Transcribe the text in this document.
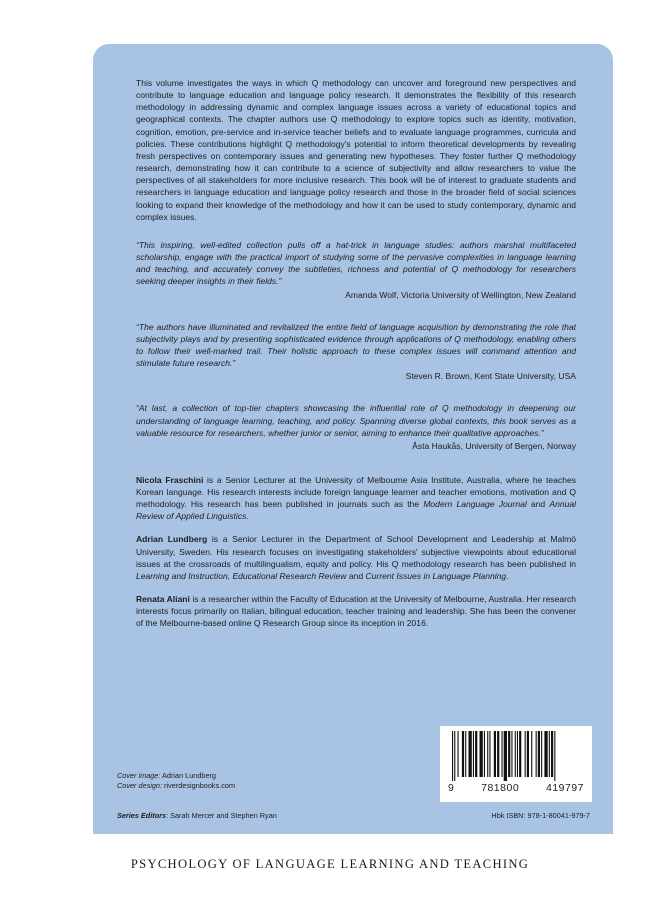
This volume investigates the ways in which Q methodology can uncover and foreground new perspectives and contribute to language education and language policy research. It demonstrates the flexibility of this research methodology in addressing dynamic and complex language issues across a variety of educational topics and geographical contexts. The chapter authors use Q methodology to explore topics such as identity, motivation, cognition, emotion, pre-service and in-service teacher beliefs and to evaluate language programmes, curricula and policies. These contributions highlight Q methodology's potential to inform theoretical developments by revealing fresh perspectives on contemporary issues and generating new hypotheses. They foster further Q methodology research, demonstrating how it can contribute to a science of subjectivity and allow researchers to value the perspectives of all stakeholders for more inclusive research. This book will be of interest to graduate students and researchers in language education and language policy research and those in the broader field of social sciences looking to expand their knowledge of the methodology and how it can be used to study contemporary, dynamic and complex issues.

“This inspiring, well-edited collection pulls off a hat-trick in language studies: authors marshal multifaceted scholarship, engage with the practical import of studying some of the pervasive complexities in language learning and teaching, and accurately convey the subtleties, richness and potential of Q methodology for researchers seeking deeper insights in their fields.”

Amanda Wolf, Victoria University of Wellington, New Zealand

“The authors have illuminated and revitalized the entire field of language acquisition by demonstrating the role that subjectivity plays and by presenting sophisticated evidence through applications of Q methodology, enabling others to follow their well-marked trail. Their holistic approach to these complex issues will command attention and stimulate future research.”

Steven R. Brown, Kent State University, USA

“At last, a collection of top-tier chapters showcasing the influential role of Q methodology in deepening our understanding of language learning, teaching, and policy. Spanning diverse global contexts, this book serves as a valuable resource for researchers, whether junior or senior, aiming to enhance their qualitative approaches.”

Åsta Haukås, University of Bergen, Norway

Nicola Fraschini is a Senior Lecturer at the University of Melbourne Asia Institute, Australia, where he teaches Korean language. His research interests include foreign language learner and teacher emotions, motivation and Q methodology. His research has been published in journals such as the Modern Language Journal and Annual Review of Applied Linguistics.

Adrian Lundberg is a Senior Lecturer in the Department of School Development and Leadership at Malmö University, Sweden. His research focuses on investigating stakeholders' subjective viewpoints about educational issues at the crossroads of multilingualism, equity and policy. His Q methodology research has been published in Learning and Instruction, Educational Research Review and Current Issues in Language Planning.

Renata Aliani is a researcher within the Faculty of Education at the University of Melbourne, Australia. Her research interests focus primarily on Italian, bilingual education, teacher training and leadership. She has been the convener of the Melbourne-based online Q Research Group since its inception in 2016.

9	781800	419797
Cover image: Adrian Lundberg
Cover design: riverdesignbooks.com
Series Editors: Sarah Mercer and Stephen Ryan	Hbk ISBN: 978-1-80041-979-7
PSYCHOLOGY OF LANGUAGE LEARNING AND TEACHING
